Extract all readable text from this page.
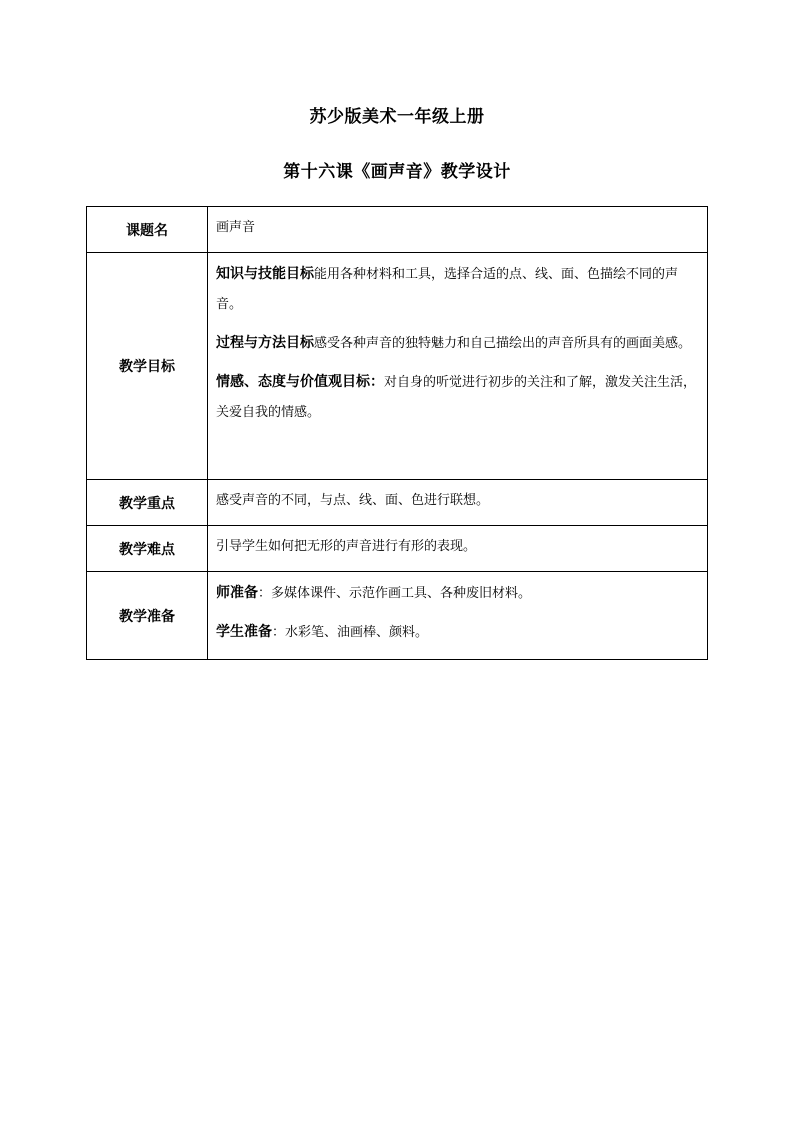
苏少版美术一年级上册
第十六课《画声音》教学设计
课题名	画声音
教学目标	知识与技能目标能用各种材料和工具，选择合适的点、线、面、色描绘不同的声音。
过程与方法目标感受各种声音的独特魅力和自己描绘出的声音所具有的画面美感。
情感、态度与价值观目标：对自身的听觉进行初步的关注和了解，激发关注生活，关爱自我的情感。

教学重点	感受声音的不同，与点、线、面、色进行联想。
教学难点	引导学生如何把无形的声音进行有形的表现。
教学准备	师准备：多媒体课件、示范作画工具、各种废旧材料。
学生准备：水彩笔、油画棒、颜料。
